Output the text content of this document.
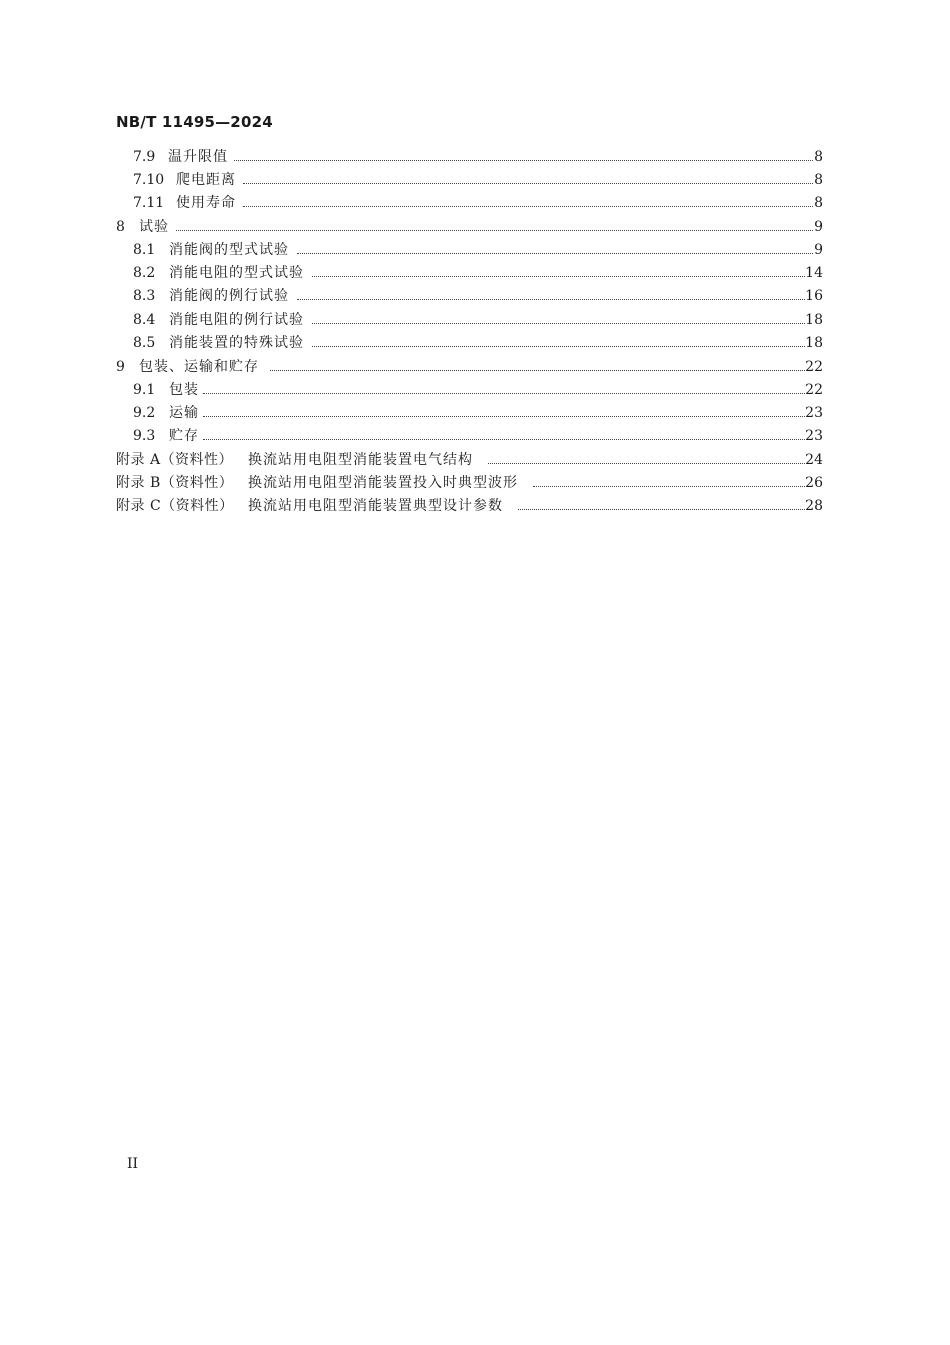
NB/T 11495—2024
7.9 温升限值	8
7.10 爬电距离	8
7.11 使用寿命	8
8 试验	9
8.1 消能阀的型式试验	9
8.2 消能电阻的型式试验	14
8.3 消能阀的例行试验	16
8.4 消能电阻的例行试验	18
8.5 消能装置的特殊试验	18
9 包装、运输和贮存	22
9.1 包装	22
9.2 运输	23
9.3 贮存	23
附录 A（资料性） 换流站用电阻型消能装置电气结构	24
附录 B（资料性） 换流站用电阻型消能装置投入时典型波形	26
附录 C（资料性） 换流站用电阻型消能装置典型设计参数	28
II
